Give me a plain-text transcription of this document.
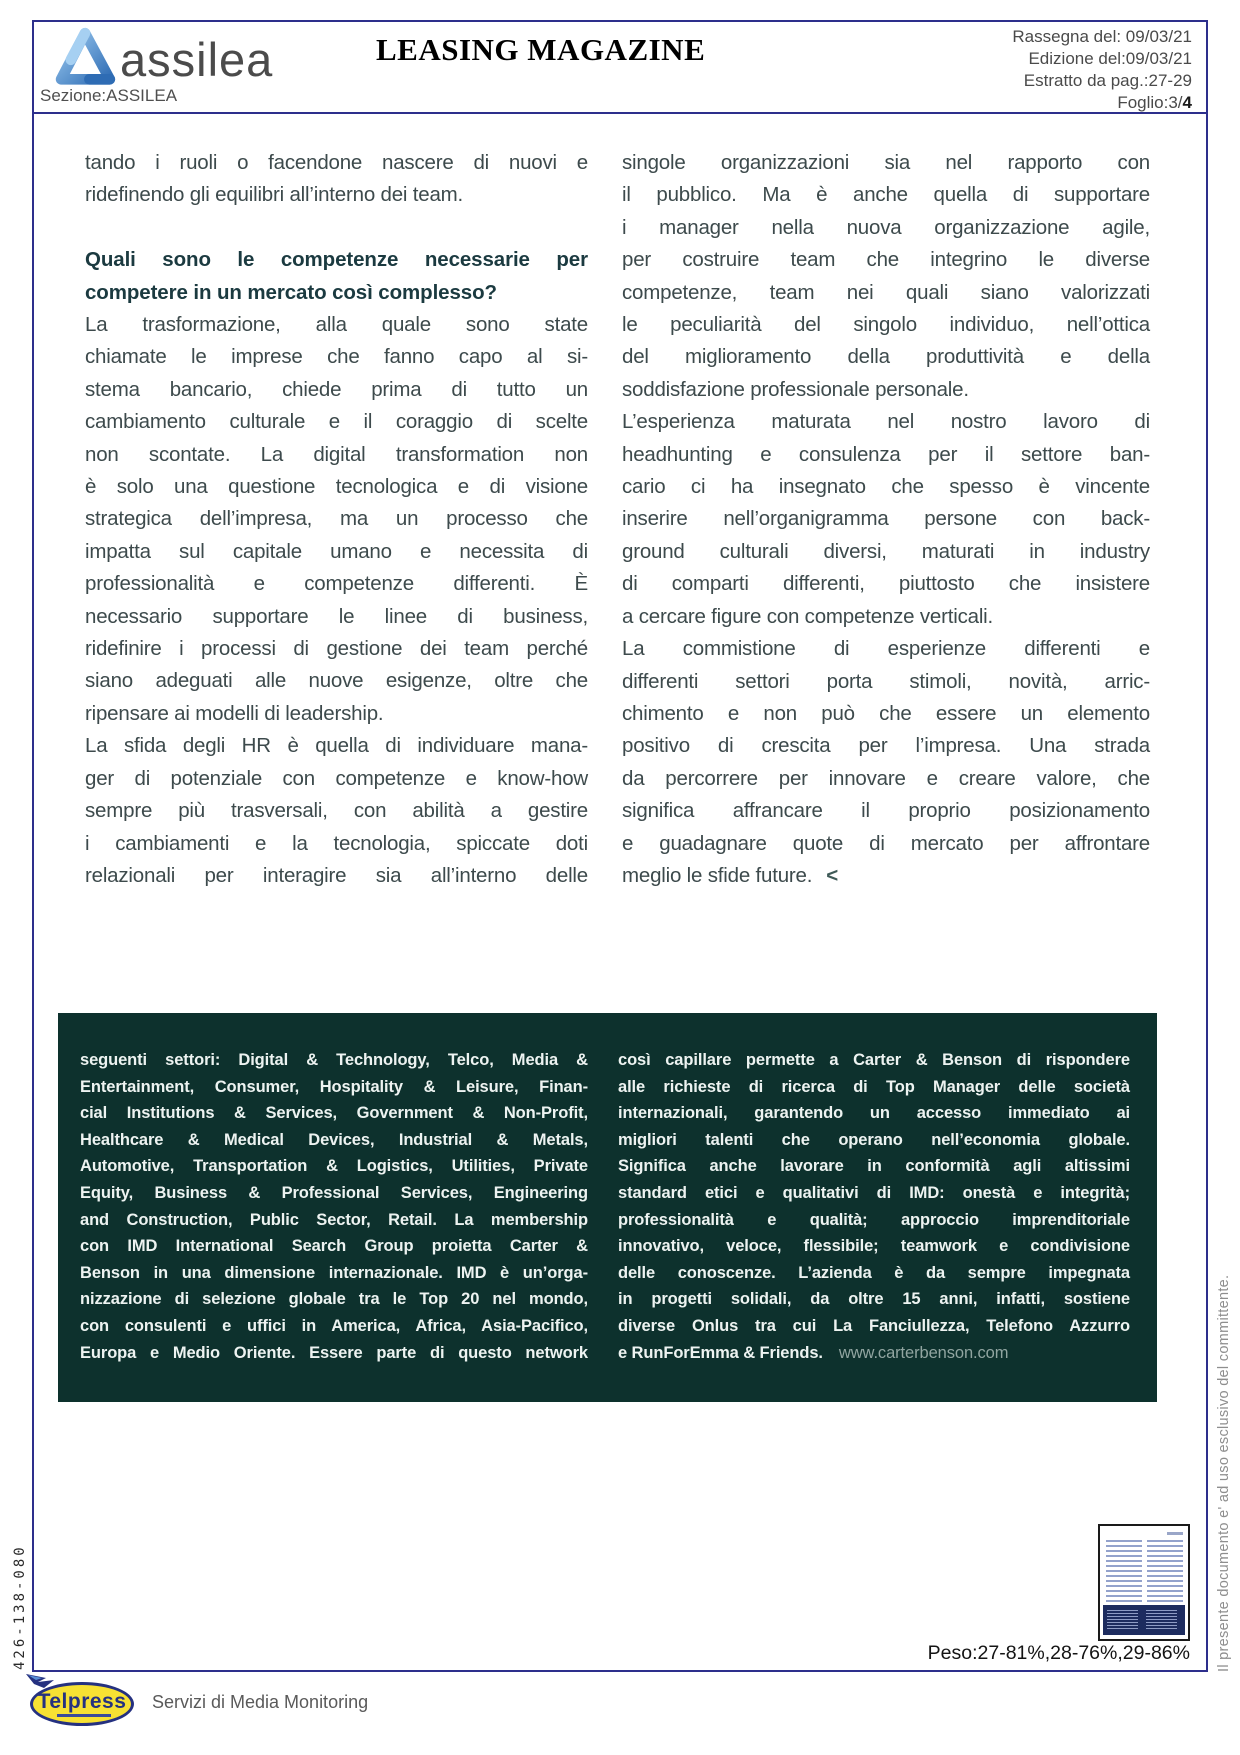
assilea
Sezione:ASSILEA
LEASING MAGAZINE	Rassegna del: 09/03/21
Edizione del:09/03/21
Estratto da pag.:27-29
Foglio:3/4
tando i ruoli o facendone nascere di nuovi e
ridefinendo gli equilibri all’interno dei team.
Quali sono le competenze necessarie per
competere in un mercato così complesso?
La trasformazione, alla quale sono state
chiamate le imprese che fanno capo al si-
stema bancario, chiede prima di tutto un
cambiamento culturale e il coraggio di scelte
non scontate. La digital transformation non
è solo una questione tecnologica e di visione
strategica dell’impresa, ma un processo che
impatta sul capitale umano e necessita di
professionalità e competenze differenti. È
necessario supportare le linee di business,
ridefinire i processi di gestione dei team perché
siano adeguati alle nuove esigenze, oltre che
ripensare ai modelli di leadership.
La sfida degli HR è quella di individuare mana-
ger di potenziale con competenze e know-how
sempre più trasversali, con abilità a gestire
i cambiamenti e la tecnologia, spiccate doti
relazionali per interagire sia all’interno delle
singole organizzazioni sia nel rapporto con
il pubblico. Ma è anche quella di supportare
i manager nella nuova organizzazione agile,
per costruire team che integrino le diverse
competenze, team nei quali siano valorizzati
le peculiarità del singolo individuo, nell’ottica
del miglioramento della produttività e della
soddisfazione professionale personale.
L’esperienza maturata nel nostro lavoro di
headhunting e consulenza per il settore ban-
cario ci ha insegnato che spesso è vincente
inserire nell’organigramma persone con back-
ground culturali diversi, maturati in industry
di comparti differenti, piuttosto che insistere
a cercare figure con competenze verticali.
La commistione di esperienze differenti e
differenti settori porta stimoli, novità, arric-
chimento e non può che essere un elemento
positivo di crescita per l’impresa. Una strada
da percorrere per innovare e creare valore, che
significa affrancare il proprio posizionamento
e guadagnare quote di mercato per affrontare
meglio le sfide future. <
seguenti settori: Digital & Technology, Telco, Media &
Entertainment, Consumer, Hospitality & Leisure, Finan-
cial Institutions & Services, Government & Non-Profit,
Healthcare & Medical Devices, Industrial & Metals,
Automotive, Transportation & Logistics, Utilities, Private
Equity, Business & Professional Services, Engineering
and Construction, Public Sector, Retail. La membership
con IMD International Search Group proietta Carter &
Benson in una dimensione internazionale. IMD è un’orga-
nizzazione di selezione globale tra le Top 20 nel mondo,
con consulenti e uffici in America, Africa, Asia-Pacifico,
Europa e Medio Oriente. Essere parte di questo network
così capillare permette a Carter & Benson di rispondere
alle richieste di ricerca di Top Manager delle società
internazionali, garantendo un accesso immediato ai
migliori talenti che operano nell’economia globale.
Significa anche lavorare in conformità agli altissimi
standard etici e qualitativi di IMD: onestà e integrità;
professionalità e qualità; approccio imprenditoriale
innovativo, veloce, flessibile; teamwork e condivisione
delle conoscenze. L’azienda è da sempre impegnata
in progetti solidali, da oltre 15 anni, infatti, sostiene
diverse Onlus tra cui La Fanciullezza, Telefono Azzurro
e RunForEmma & Friends. www.carterbenson.com
426-138-080	Il presente documento e' ad uso esclusivo del committente.
Peso:27-81%,28-76%,29-86%
Telpress	Servizi di Media Monitoring
